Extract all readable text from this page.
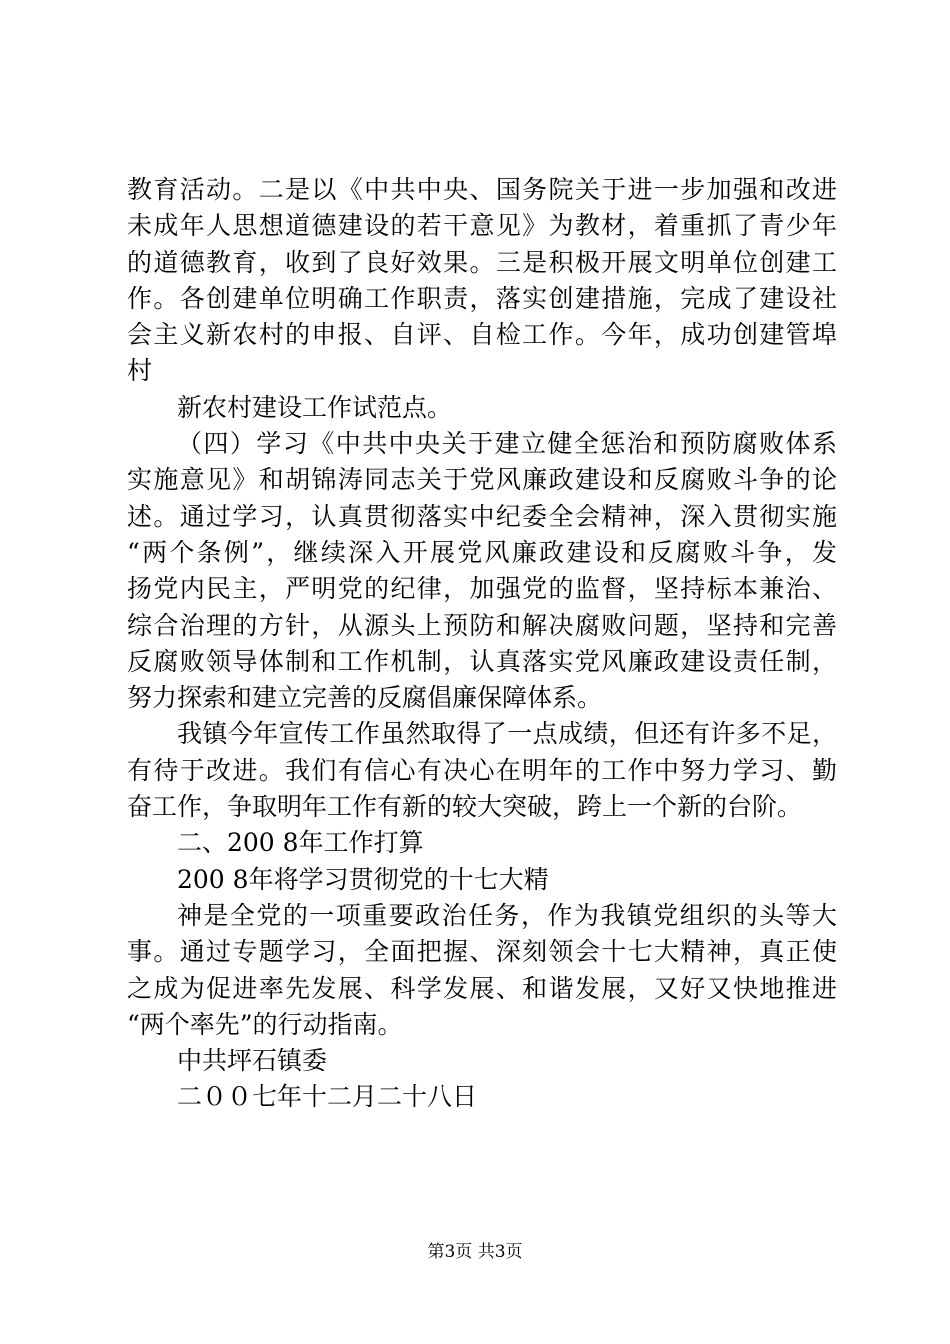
教育活动。二是以《中共中央、国务院关于进一步加强和改进
未成年人思想道德建设的若干意见》为教材，着重抓了青少年
的道德教育，收到了良好效果。三是积极开展文明单位创建工
作。各创建单位明确工作职责，落实创建措施，完成了建设社
会主义新农村的申报、自评、自检工作。今年，成功创建管埠
村
新农村建设工作试范点。
（四）学习《中共中央关于建立健全惩治和预防腐败体系
实施意见》和胡锦涛同志关于党风廉政建设和反腐败斗争的论
述。通过学习，认真贯彻落实中纪委全会精神，深入贯彻实施
“两个条例”，继续深入开展党风廉政建设和反腐败斗争，发
扬党内民主，严明党的纪律，加强党的监督，坚持标本兼治、
综合治理的方针，从源头上预防和解决腐败问题，坚持和完善
反腐败领导体制和工作机制，认真落实党风廉政建设责任制，
努力探索和建立完善的反腐倡廉保障体系。
我镇今年宣传工作虽然取得了一点成绩，但还有许多不足，
有待于改进。我们有信心有决心在明年的工作中努力学习、勤
奋工作，争取明年工作有新的较大突破，跨上一个新的台阶。
二、200 8年工作打算
200 8年将学习贯彻党的十七大精
神是全党的一项重要政治任务，作为我镇党组织的头等大
事。通过专题学习，全面把握、深刻领会十七大精神，真正使
之成为促进率先发展、科学发展、和谐发展，又好又快地推进
“两个率先”的行动指南。
中共坪石镇委
二００七年十二月二十八日
第3页 共3页
